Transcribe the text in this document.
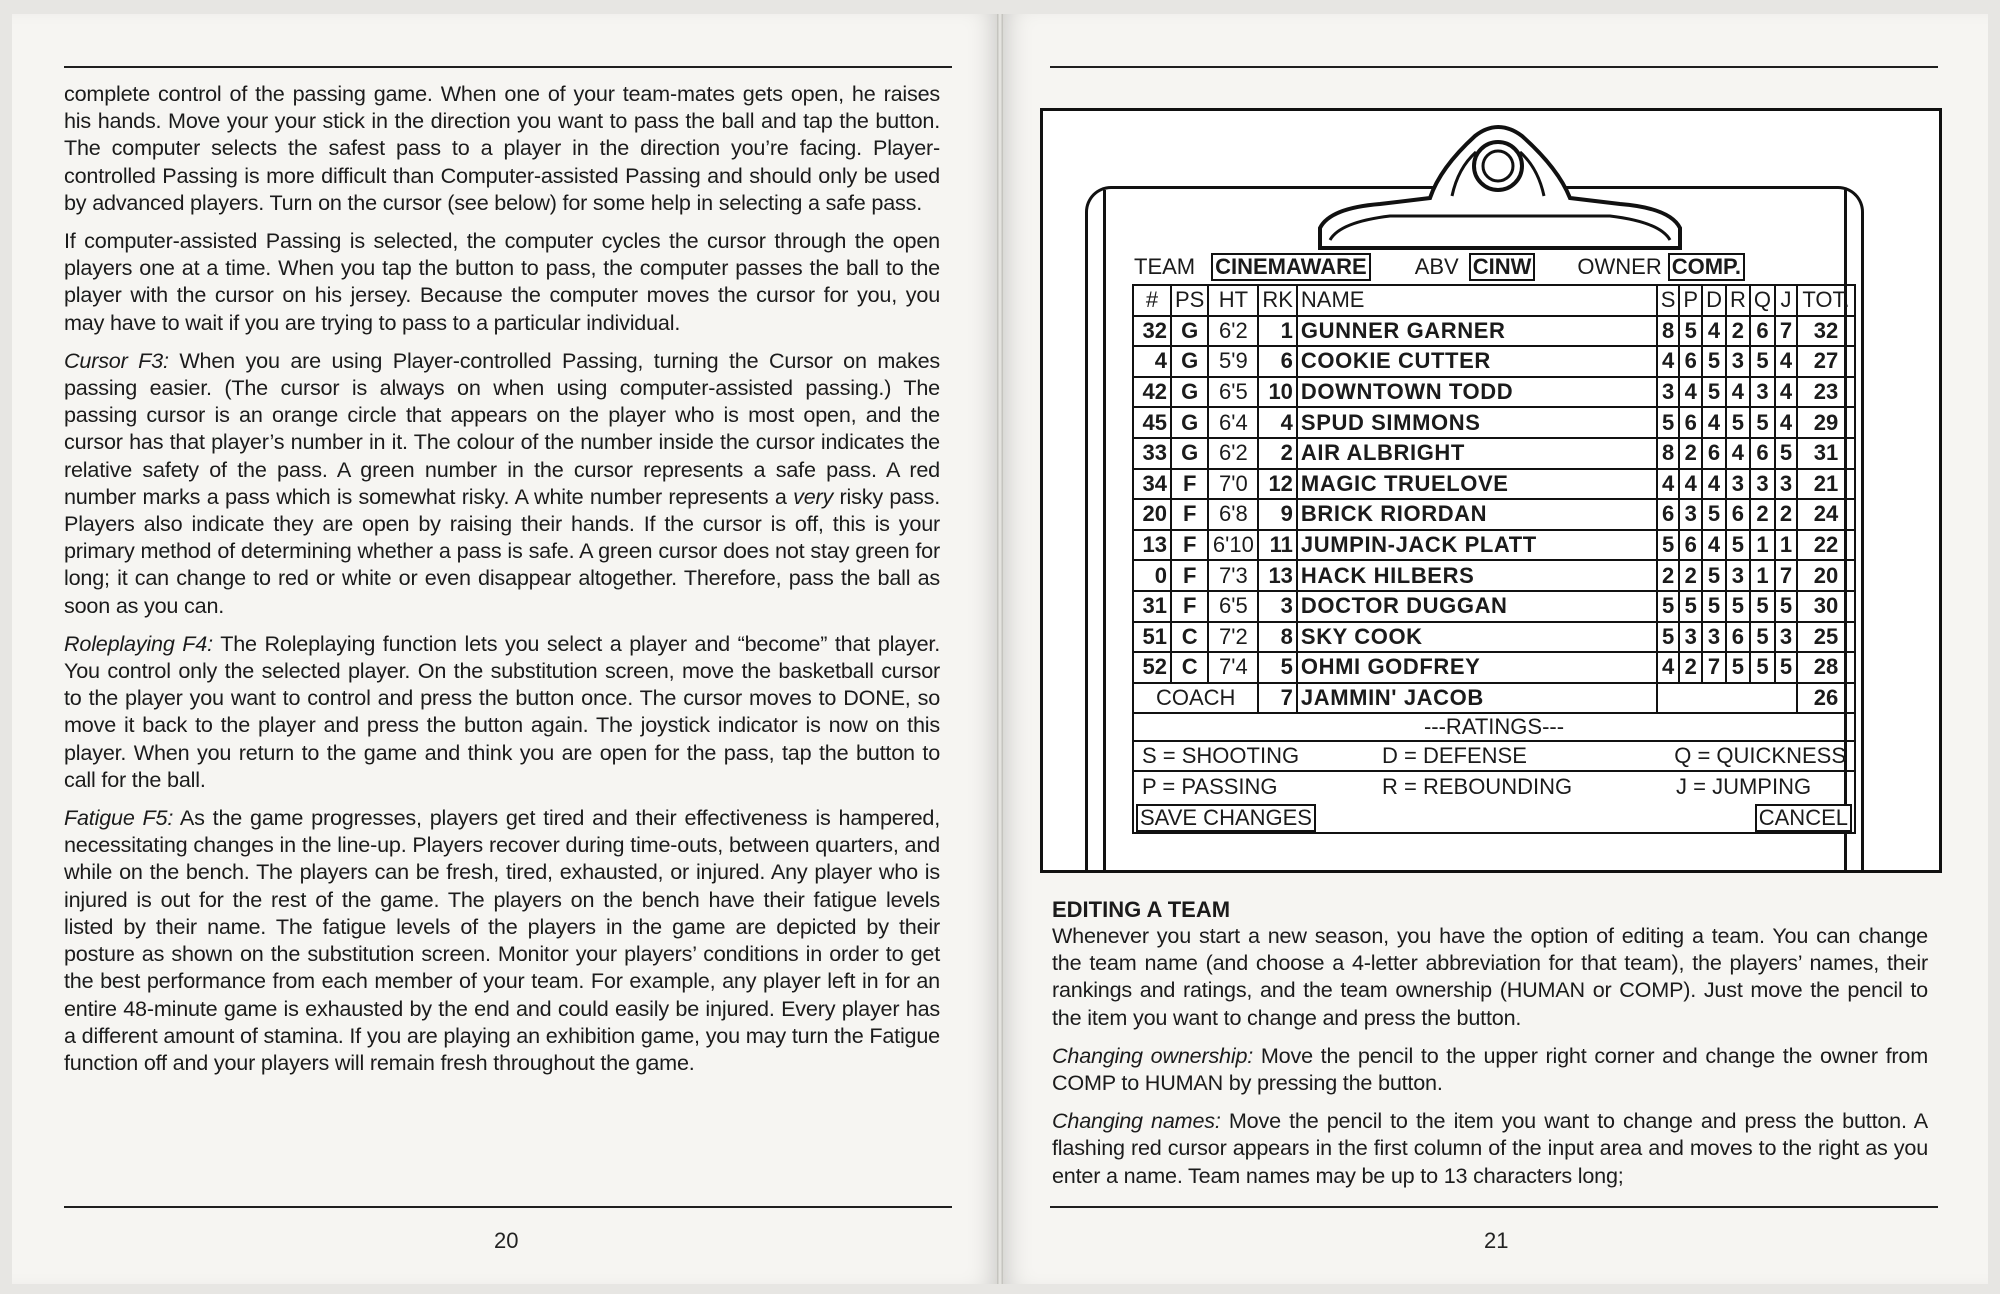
complete control of the passing game. When one of your team-mates gets open, he raises his hands. Move your your stick in the direction you want to pass the ball and tap the button. The computer selects the safest pass to a player in the direction you’re facing. Player-controlled Passing is more difficult than Computer-assisted Passing and should only be used by advanced players. Turn on the cursor (see below) for some help in selecting a safe pass.

If computer-assisted Passing is selected, the computer cycles the cursor through the open players one at a time. When you tap the button to pass, the computer passes the ball to the player with the cursor on his jersey. Because the computer moves the cursor for you, you may have to wait if you are trying to pass to a particular individual.

Cursor F3: When you are using Player-controlled Passing, turning the Cursor on makes passing easier. (The cursor is always on when using computer-assisted passing.) The passing cursor is an orange circle that appears on the player who is most open, and the cursor has that player’s number in it. The colour of the number inside the cursor indicates the relative safety of the pass. A green number in the cursor represents a safe pass. A red number marks a pass which is somewhat risky. A white number represents a very risky pass. Players also indicate they are open by raising their hands. If the cursor is off, this is your primary method of determining whether a pass is safe. A green cursor does not stay green for long; it can change to red or white or even disappear altogether. Therefore, pass the ball as soon as you can.

Roleplaying F4: The Roleplaying function lets you select a player and “become” that player. You control only the selected player. On the substitution screen, move the basketball cursor to the player you want to control and press the button once. The cursor moves to DONE, so move it back to the player and press the button again. The joystick indicator is now on this player. When you return to the game and think you are open for the pass, tap the button to call for the ball.

Fatigue F5: As the game progresses, players get tired and their effectiveness is hampered, necessitating changes in the line-up. Players recover during time-outs, between quarters, and while on the bench. The players can be fresh, tired, exhausted, or injured. Any player who is injured is out for the rest of the game. The players on the bench have their fatigue levels listed by their name. The fatigue levels of the players in the game are depicted by their posture as shown on the substitution screen. Monitor your players’ conditions in order to get the best performance from each member of your team. For example, any player left in for an entire 48-minute game is exhausted by the end and could easily be injured. Every player has a different amount of stamina. If you are playing an exhibition game, you may turn the Fatigue function off and your players will remain fresh throughout the game.

20
TEAM CINEMAWARE ABV CINW OWNER COMP.
#	PS	HT	RK	NAME	S	P	D	R	Q	J	TOT.
32	G	6'2	1	GUNNER GARNER	8	5	4	2	6	7	32
4	G	5'9	6	COOKIE CUTTER	4	6	5	3	5	4	27
42	G	6'5	10	DOWNTOWN TODD	3	4	5	4	3	4	23
45	G	6'4	4	SPUD SIMMONS	5	6	4	5	5	4	29
33	G	6'2	2	AIR ALBRIGHT	8	2	6	4	6	5	31
34	F	7'0	12	MAGIC TRUELOVE	4	4	4	3	3	3	21
20	F	6'8	9	BRICK RIORDAN	6	3	5	6	2	2	24
13	F	6'10	11	JUMPIN-JACK PLATT	5	6	4	5	1	1	22
0	F	7'3	13	HACK HILBERS	2	2	5	3	1	7	20
31	F	6'5	3	DOCTOR DUGGAN	5	5	5	5	5	5	30
51	C	7'2	8	SKY COOK	5	3	3	6	5	3	25
52	C	7'4	5	OHMI GODFREY	4	2	7	5	5	5	28
COACH			7	JAMMIN' JACOB							26
---RATINGS---
S = SHOOTING	D = DEFENSE	Q = QUICKNESS
P = PASSING	R = REBOUNDING	J = JUMPING
SAVE CHANGES	CANCEL
EDITING A TEAM

Whenever you start a new season, you have the option of editing a team. You can change the team name (and choose a 4-letter abbreviation for that team), the players’ names, their rankings and ratings, and the team ownership (HUMAN or COMP). Just move the pencil to the item you want to change and press the button.

Changing ownership: Move the pencil to the upper right corner and change the owner from COMP to HUMAN by pressing the button.

Changing names: Move the pencil to the item you want to change and press the button. A flashing red cursor appears in the first column of the input area and moves to the right as you enter a name. Team names may be up to 13 characters long;

21
